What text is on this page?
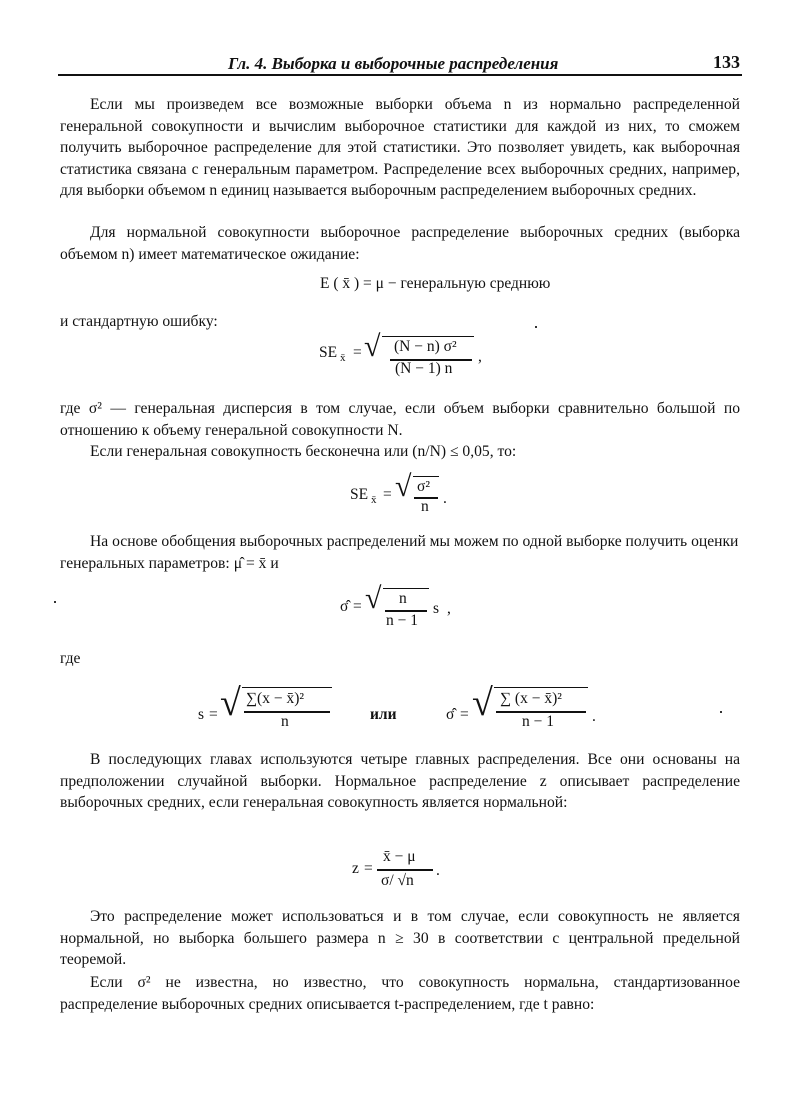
Гл. 4. Выборка и выборочные распределения	133

Если мы произведем все возможные выборки объема n из нормально распределенной генеральной совокупности и вычислим выборочное статистики для каждой из них, то сможем получить выборочное распределение для этой статистики. Это позволяет увидеть, как выборочная статистика связана с генеральным параметром. Распределение всех выборочных средних, например, для выборки объемом n единиц называется выборочным распределением выборочных средних.

Для нормальной совокупности выборочное распределение выборочных средних (выборка объемом n) имеет математическое ожидание:

E ( x̄ ) = μ − генеральную среднюю

и стандартную ошибку:

SE x̄ = √ (N − n) σ²
(N − 1) n
,

где σ² — генеральная дисперсия в том случае, если объем выборки сравнительно большой по отношению к объему генеральной совокупности N.

Если генеральная совокупность бесконечна или (n/N) ≤ 0,05, то:

SE x̄ = √ σ²
n .

На основе обобщения выборочных распределений мы можем по одной выборке получить оценки генеральных параметров: μ̂ = x̄ и

σ̂ = √ n
n − 1
s ,

где

s = √ ∑(x − x̄)²
n	или	σ̂ = √ ∑ (x − x̄)²
n − 1 .

В последующих главах используются четыре главных распределения. Все они основаны на предположении случайной выборки. Нормальное распределение z описывает распределение выборочных средних, если генеральная совокупность является нормальной:

z =
x̄ − μ
σ/ √n
.

Это распределение может использоваться и в том случае, если совокупность не является нормальной, но выборка большего размера n ≥ 30 в соответствии с центральной предельной теоремой.

Если σ² не известна, но известно, что совокупность нормальна, стандартизованное распределение выборочных средних описывается t-распределением, где t равно:
